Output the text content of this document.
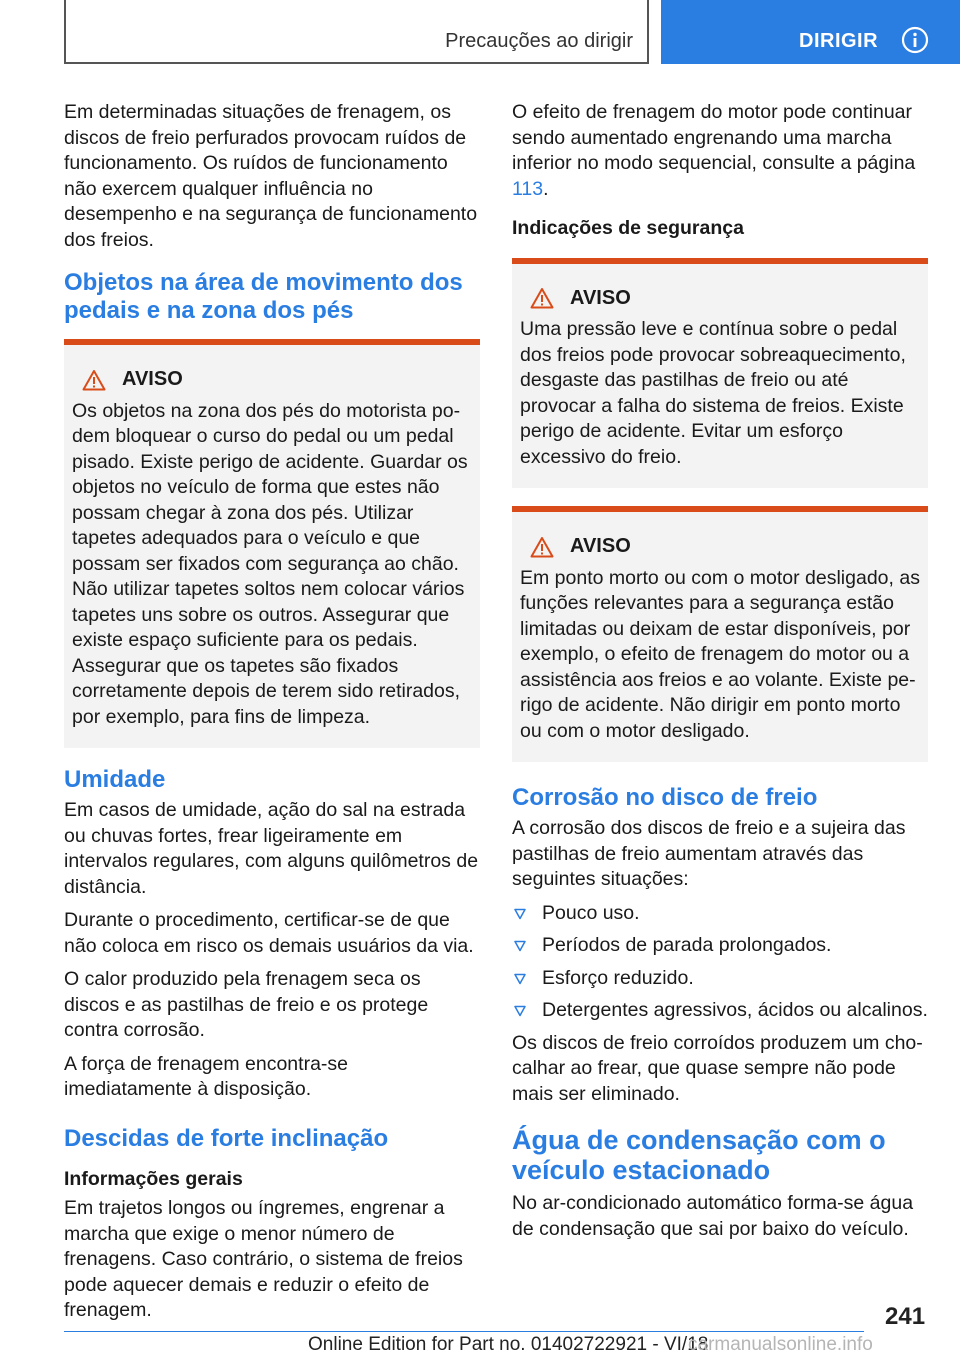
Precauções ao dirigir	DIRIGIR

Em determinadas situações de frenagem, os discos de freio perfurados provocam ruídos de funcionamento. Os ruídos de funcionamento não exercem qualquer influência no desempenho e na segurança de funcionamento dos freios.

Objetos na área de movimento dos pedais e na zona dos pés
AVISO

Os objetos na zona dos pés do motorista podem bloquear o curso do pedal ou um pedal pisado. Existe perigo de acidente. Guardar os objetos no veículo de forma que estes não possam chegar à zona dos pés. Utilizar tapetes adequados para o veículo e que possam ser fixados com segurança ao chão. Não utilizar tapetes soltos nem colocar vários tapetes uns sobre os outros. Assegurar que existe espaço suficiente para os pedais. Assegurar que os tapetes são fixados corretamente depois de terem sido retirados, por exemplo, para fins de limpeza.

Umidade

Em casos de umidade, ação do sal na estrada ou chuvas fortes, frear ligeiramente em intervalos regulares, com alguns quilômetros de distância.

Durante o procedimento, certificar-se de que não coloca em risco os demais usuários da via.

O calor produzido pela frenagem seca os discos e as pastilhas de freio e os protege contra corrosão.

A força de frenagem encontra-se imediatamente à disposição.

Descidas de forte inclinação
Informações gerais

Em trajetos longos ou íngremes, engrenar a marcha que exige o menor número de frenagens. Caso contrário, o sistema de freios pode aquecer demais e reduzir o efeito de frenagem.

O efeito de frenagem do motor pode continuar sendo aumentado engrenando uma marcha inferior no modo sequencial, consulte a página 113.

Indicações de segurança
AVISO

Uma pressão leve e contínua sobre o pedal dos freios pode provocar sobreaquecimento, desgaste das pastilhas de freio ou até provocar a falha do sistema de freios. Existe perigo de acidente. Evitar um esforço excessivo do freio.

AVISO

Em ponto morto ou com o motor desligado, as funções relevantes para a segurança estão limitadas ou deixam de estar disponíveis, por exemplo, o efeito de frenagem do motor ou a assistência aos freios e ao volante. Existe perigo de acidente. Não dirigir em ponto morto ou com o motor desligado.

Corrosão no disco de freio

A corrosão dos discos de freio e a sujeira das pastilhas de freio aumentam através das seguintes situações:

Pouco uso.
Períodos de parada prolongados.
Esforço reduzido.
Detergentes agressivos, ácidos ou alcalinos.

Os discos de freio corroídos produzem um chocalhar ao frear, que quase sempre não pode mais ser eliminado.

Água de condensação com o veículo estacionado

No ar-condicionado automático forma-se água de condensação que sai por baixo do veículo.

241
Online Edition for Part no. 01402722921 - VI/18
carmanualsonline.info
